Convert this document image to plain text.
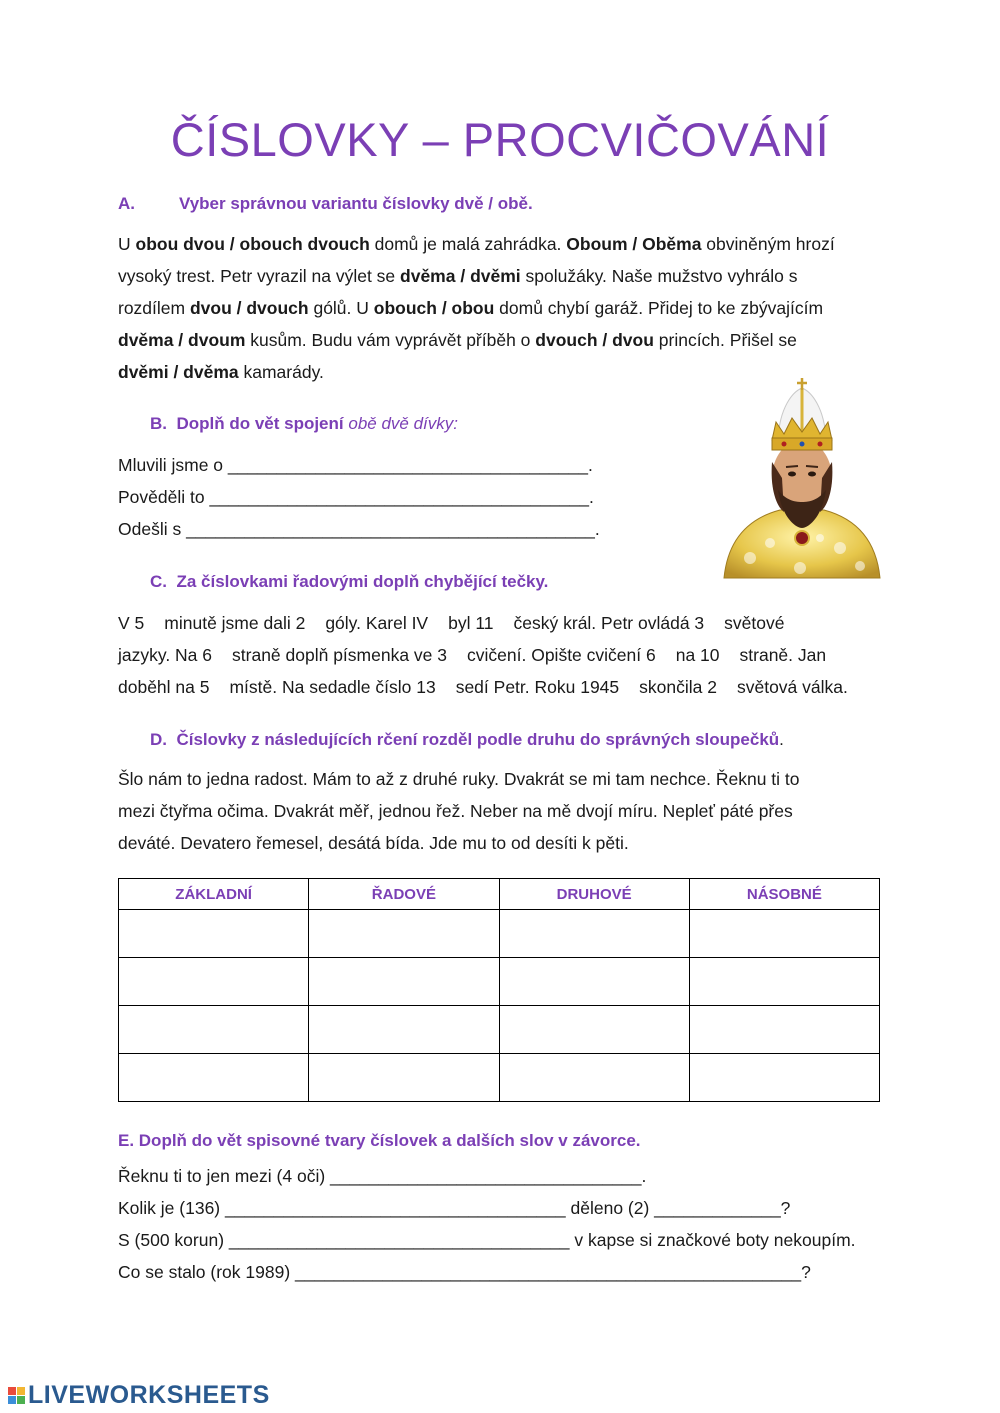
ČÍSLOVKY – PROCVIČOVÁNÍ
A.	Vyber správnou variantu číslovky dvě / obě.
U obou dvou / obouch dvouch domů je malá zahrádka. Oboum / Oběma obviněným hrozí
vysoký trest. Petr vyrazil na výlet se dvěma / dvěmi spolužáky. Naše mužstvo vyhrálo s
rozdílem dvou / dvouch gólů. U obouch / obou domů chybí garáž. Přidej to ke zbývajícím
dvěma / dvoum kusům. Budu vám vyprávět příběh o dvouch / dvou princích. Přišel se
dvěmi / dvěma kamarády.
B. Doplň do vět spojení obě dvě dívky:
Mluvili jsme o _____________________________________.
Pověděli to _______________________________________.
Odešli s __________________________________________.
C. Za číslovkami řadovými doplň chybějící tečky.
V 5 minutě jsme dali 2 góly. Karel IV byl 11 český král. Petr ovládá 3 světové
jazyky. Na 6 straně doplň písmenka ve 3 cvičení. Opište cvičení 6 na 10 straně. Jan
doběhl na 5 místě. Na sedadle číslo 13 sedí Petr. Roku 1945 skončila 2 světová válka.
D. Číslovky z následujících rčení rozděl podle druhu do správných sloupečků.
Šlo nám to jedna radost. Mám to až z druhé ruky. Dvakrát se mi tam nechce. Řeknu ti to
mezi čtyřma očima. Dvakrát měř, jednou řež. Neber na mě dvojí míru. Nepleť páté přes
deváté. Devatero řemesel, desátá bída. Jde mu to od desíti k pěti.
ZÁKLADNÍ	ŘADOVÉ	DRUHOVÉ	NÁSOBNÉ

E. Doplň do vět spisovné tvary číslovek a dalších slov v závorce.
Řeknu ti to jen mezi (4 oči) ________________________________.
Kolik je (136) ___________________________________ děleno (2) _____________?
S (500 korun) ___________________________________ v kapse si značkové boty nekoupím.
Co se stalo (rok 1989) ____________________________________________________?
LIVEWORKSHEETS
